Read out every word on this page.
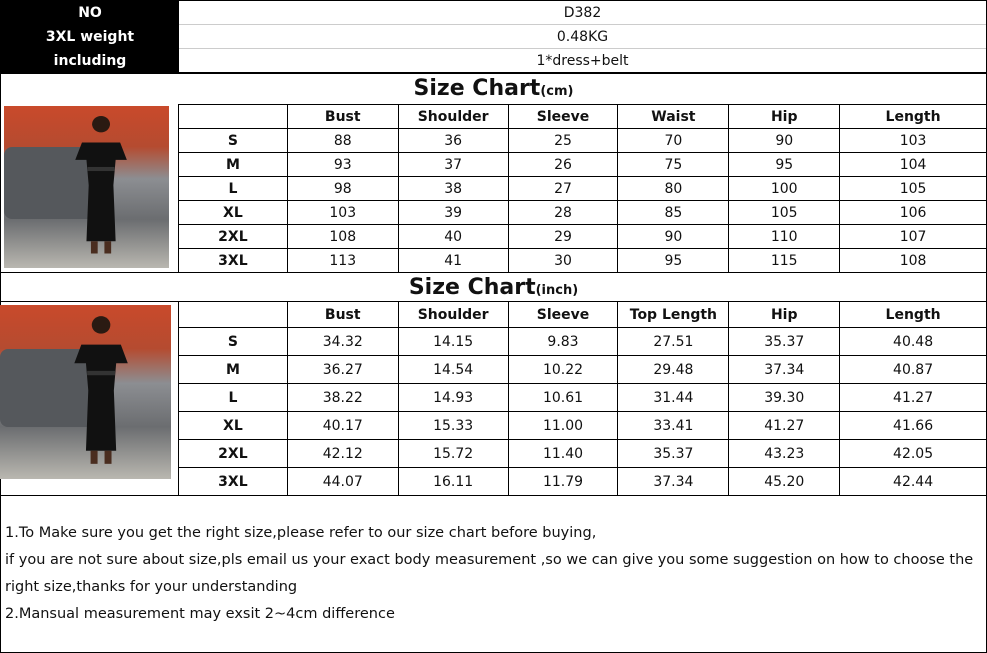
NO	D382
3XL weight	0.48KG
including	1*dress+belt
Size Chart(cm)
	Bust	Shoulder	Sleeve	Waist	Hip	Length
S	88	36	25	70	90	103
M	93	37	26	75	95	104
L	98	38	27	80	100	105
XL	103	39	28	85	105	106
2XL	108	40	29	90	110	107
3XL	113	41	30	95	115	108
Size Chart(inch)
	Bust	Shoulder	Sleeve	Top Length	Hip	Length
S	34.32	14.15	9.83	27.51	35.37	40.48
M	36.27	14.54	10.22	29.48	37.34	40.87
L	38.22	14.93	10.61	31.44	39.30	41.27
XL	40.17	15.33	11.00	33.41	41.27	41.66
2XL	42.12	15.72	11.40	35.37	43.23	42.05
3XL	44.07	16.11	11.79	37.34	45.20	42.44
1.To Make sure you get the right size,please refer to our size chart before buying,
if you are not sure about size,pls email us your exact body measurement ,so we can give you some suggestion on how to choose the right size,thanks for your understanding
2.Mansual measurement may exsit 2~4cm difference
